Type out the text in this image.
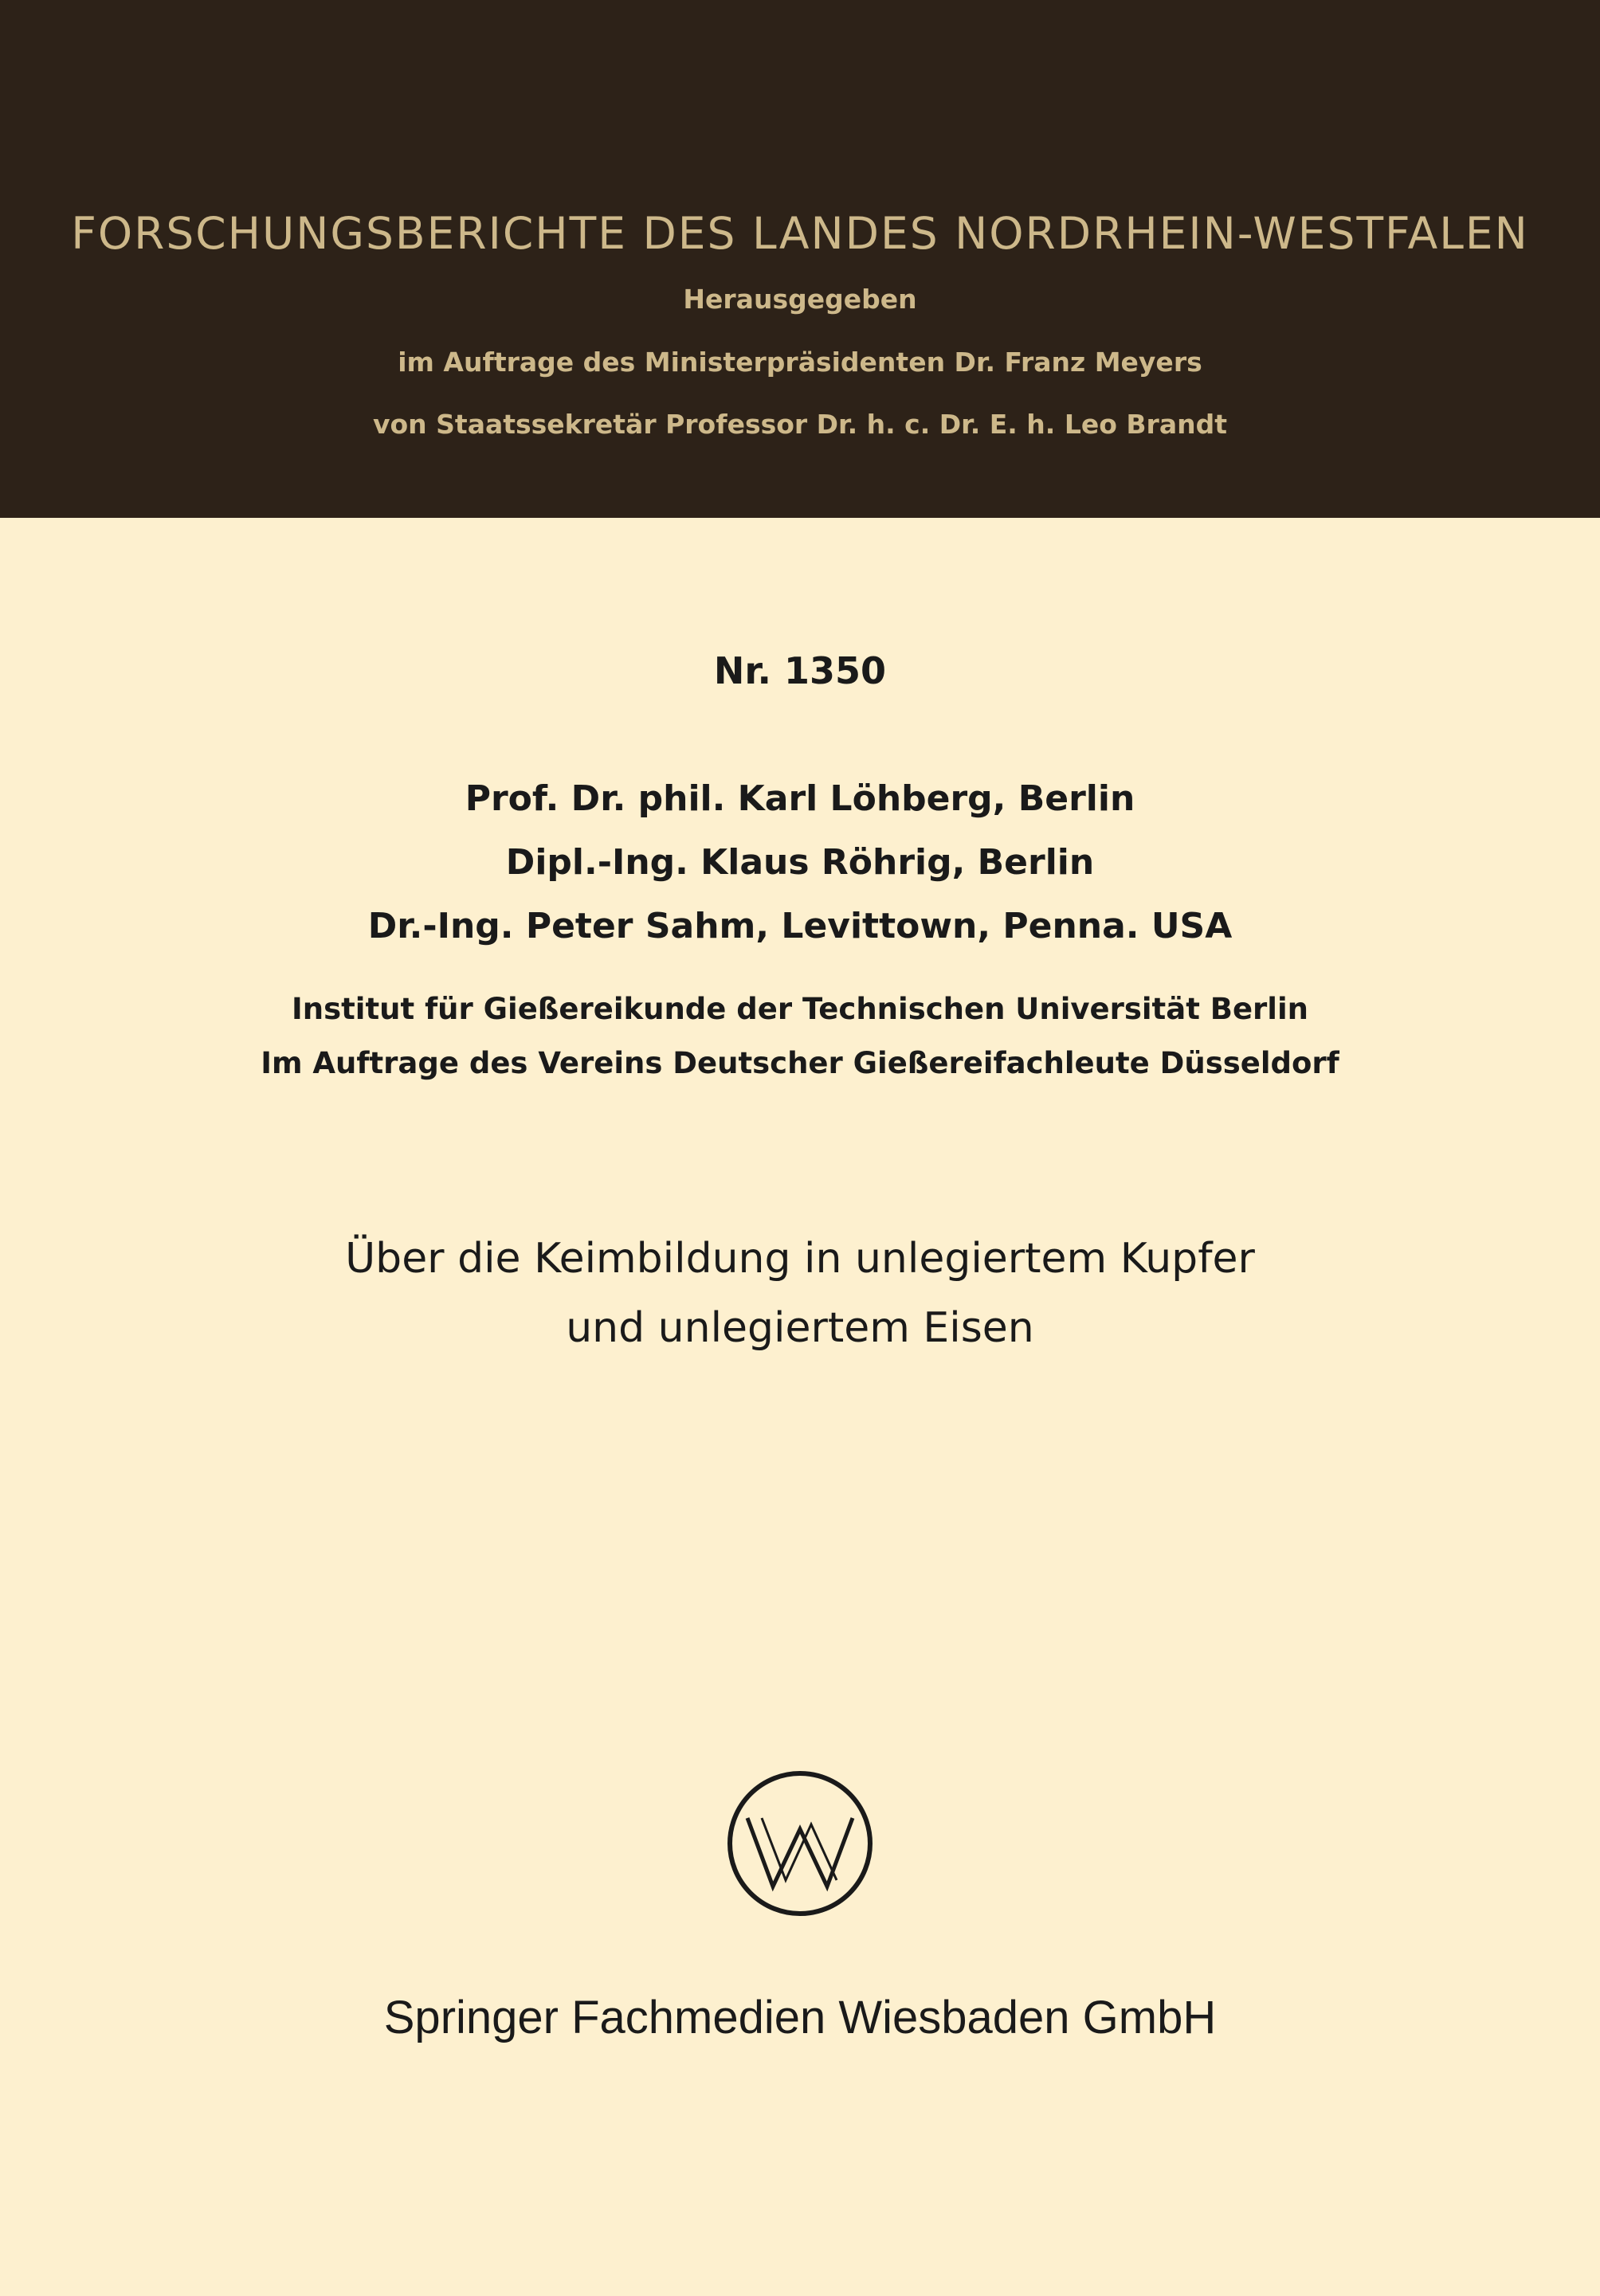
FORSCHUNGSBERICHTE DES LANDES NORDRHEIN-WESTFALEN
Herausgegeben
im Auftrage des Ministerpräsidenten Dr. Franz Meyers
von Staatssekretär Professor Dr. h. c. Dr. E. h. Leo Brandt
Nr. 1350
Prof. Dr. phil. Karl Löhberg, Berlin
Dipl.-Ing. Klaus Röhrig, Berlin
Dr.-Ing. Peter Sahm, Levittown, Penna. USA
Institut für Gießereikunde der Technischen Universität Berlin
Im Auftrage des Vereins Deutscher Gießereifachleute Düsseldorf
Über die Keimbildung in unlegiertem Kupfer
und unlegiertem Eisen
Springer Fachmedien Wiesbaden GmbH
